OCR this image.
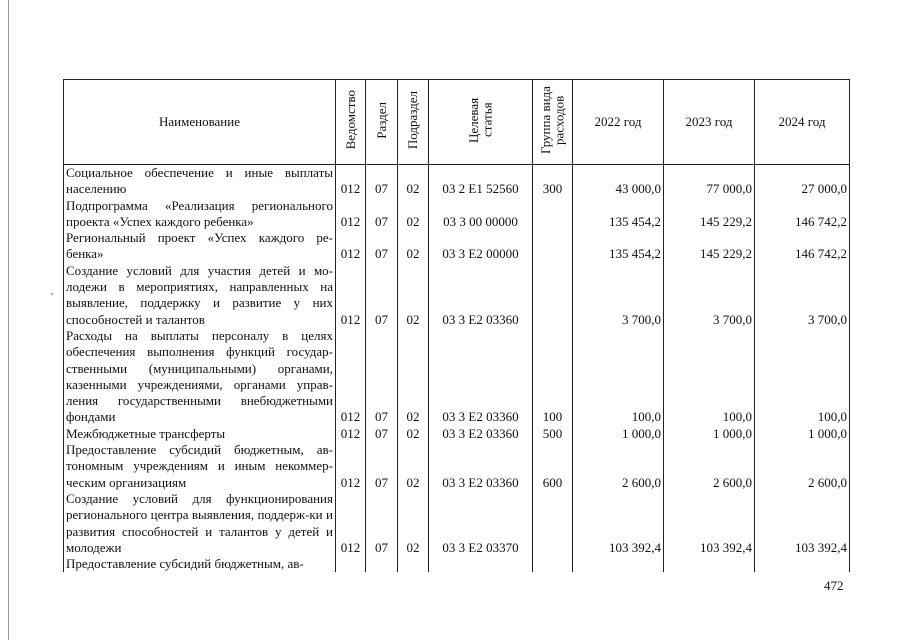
‚
Наименование	Ведомство	Раздел	Подраздел	Целевая статья	Группа вида расходов	2022 год	2023 год	2024 год
Социальное обеспечение и иные выплаты населению	012	07	02	03 2 E1 52560	300	43 000,0	77 000,0	27 000,0
Подпрограмма «Реализация регионального проекта «Успех каждого ребенка»	012	07	02	03 3 00 00000		135 454,2	145 229,2	146 742,2
Региональный проект «Успех каждого ре-бенка»	012	07	02	03 3 E2 00000		135 454,2	145 229,2	146 742,2
Создание условий для участия детей и мо-лодежи в мероприятиях, направленных на выявление, поддержку и развитие у них способностей и талантов	012	07	02	03 3 E2 03360		3 700,0	3 700,0	3 700,0
Расходы на выплаты персоналу в целях обеспечения выполнения функций государ-ственными (муниципальными) органами, казенными учреждениями, органами управ-ления государственными внебюджетными фондами	012	07	02	03 3 E2 03360	100	100,0	100,0	100,0
Межбюджетные трансферты	012	07	02	03 3 E2 03360	500	1 000,0	1 000,0	1 000,0
Предоставление субсидий бюджетным, ав-тономным учреждениям и иным некоммер-ческим организациям	012	07	02	03 3 E2 03360	600	2 600,0	2 600,0	2 600,0
Создание условий для функционирования регионального центра выявления, поддерж-ки и развития способностей и талантов у детей и молодежи	012	07	02	03 3 E2 03370		103 392,4	103 392,4	103 392,4
Предоставление субсидий бюджетным, ав-								
472
